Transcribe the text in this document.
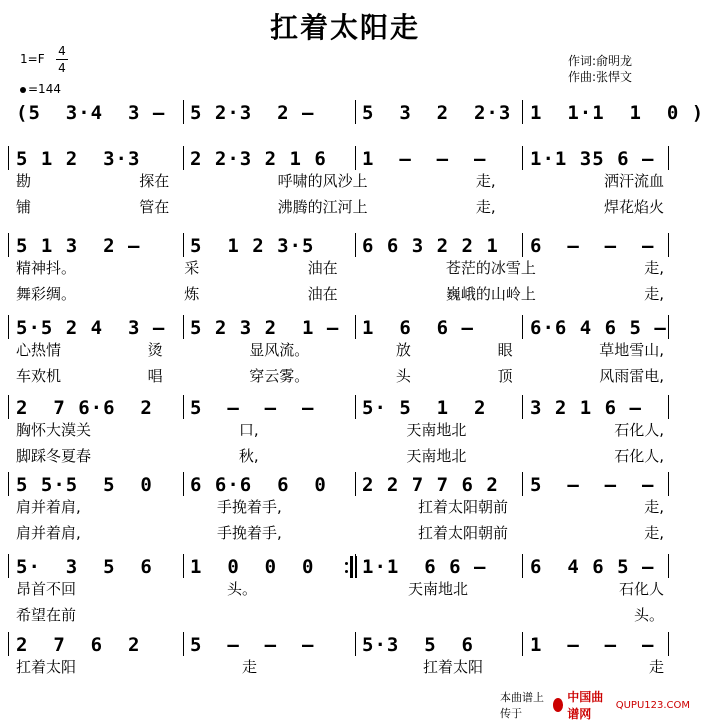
扛着太阳走
1=F
4
4
=144
作词:俞明龙
作曲:张悍文
(5  3·4  3 – 5 2·3  2 –	5  3  2  2·3 1  1·1  1  0 )
5 1 2  3·3	2 2·3 2 1 6 1  –  –  – 1·1 35 6 –
勘	探在	呼啸的风沙上	走,	洒汗流血
铺	管在	沸腾的江河上	走,	焊花焰火
5 1 3  2 –	5  1 2 3·5	6 6 3 2 2 1 6  –  –  –
精神抖。	采	油在	苍茫的冰雪上	走,
舞彩绸。	炼	油在	巍峨的山岭上	走,
5·5 2 4  3 – 5 2 3 2  1 – 1  6  6 –	6·6 4 6 5 –
心热情	烫	显风流。	放	眼	草地雪山,
车欢机	唱	穿云雾。	头	顶	风雨雷电,
2  7 6·6  2 5  –  –  –	5· 5  1  2 3 2 1 6 –
胸怀大漠关	口,	天南地北	石化人,
脚踩冬夏春	秋,	天南地北	石化人,
5 5·5  5  0 6 6·6  6  0 2 2 7 7 6 2 5  –  –  –
肩并着肩,	手挽着手,	扛着太阳朝前	走,
肩并着肩,	手挽着手,	扛着太阳朝前	走,
5·  3  5  6 1  0  0  0	1·1  6 6 – 6  4 6 5 –
昂首不回	头。	天南地北	石化人
希望在前	头。
2  7  6  2	5  –  –  –	5·3  5  6	1  –  –  –
扛着太阳	走	扛着太阳	走
本曲谱上传于
中国曲谱网
QUPU123.COM
